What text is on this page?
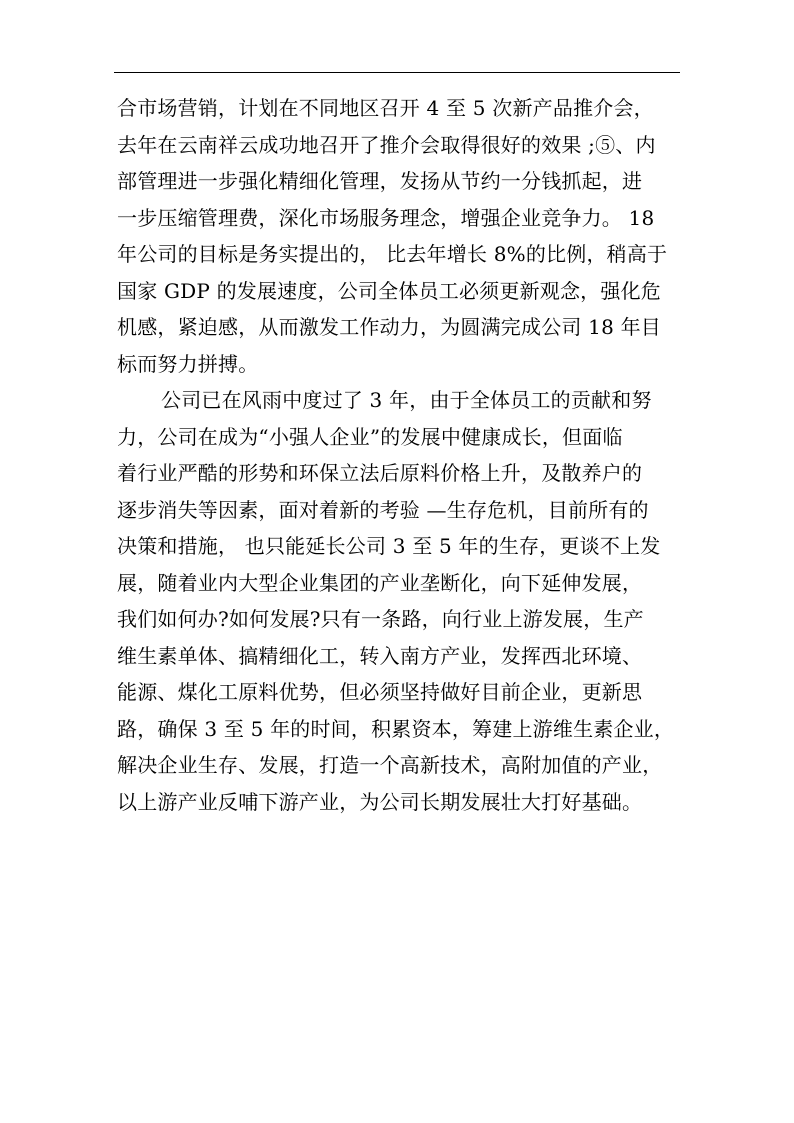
合市场营销，计划在不同地区召开 4 至 5 次新产品推介会，
去年在云南祥云成功地召开了推介会取得很好的效果 ;⑤、内
部管理进一步强化精细化管理，发扬从节约一分钱抓起，进
一步压缩管理费，深化市场服务理念，增强企业竞争力。 18
年公司的目标是务实提出的， 比去年增长 8%的比例，稍高于
国家 GDP 的发展速度，公司全体员工必须更新观念，强化危
机感，紧迫感，从而激发工作动力，为圆满完成公司 18 年目
标而努力拼搏。
公司已在风雨中度过了 3 年，由于全体员工的贡献和努
力，公司在成为“小强人企业”的发展中健康成长，但面临
着行业严酷的形势和环保立法后原料价格上升，及散养户的
逐步消失等因素，面对着新的考验 —生存危机，目前所有的
决策和措施， 也只能延长公司 3 至 5 年的生存，更谈不上发
展，随着业内大型企业集团的产业垄断化，向下延伸发展，
我们如何办?如何发展?只有一条路，向行业上游发展，生产
维生素单体、搞精细化工，转入南方产业，发挥西北环境、
能源、煤化工原料优势，但必须坚持做好目前企业，更新思
路，确保 3 至 5 年的时间，积累资本，筹建上游维生素企业，
解决企业生存、发展，打造一个高新技术，高附加值的产业，
以上游产业反哺下游产业，为公司长期发展壮大打好基础。
